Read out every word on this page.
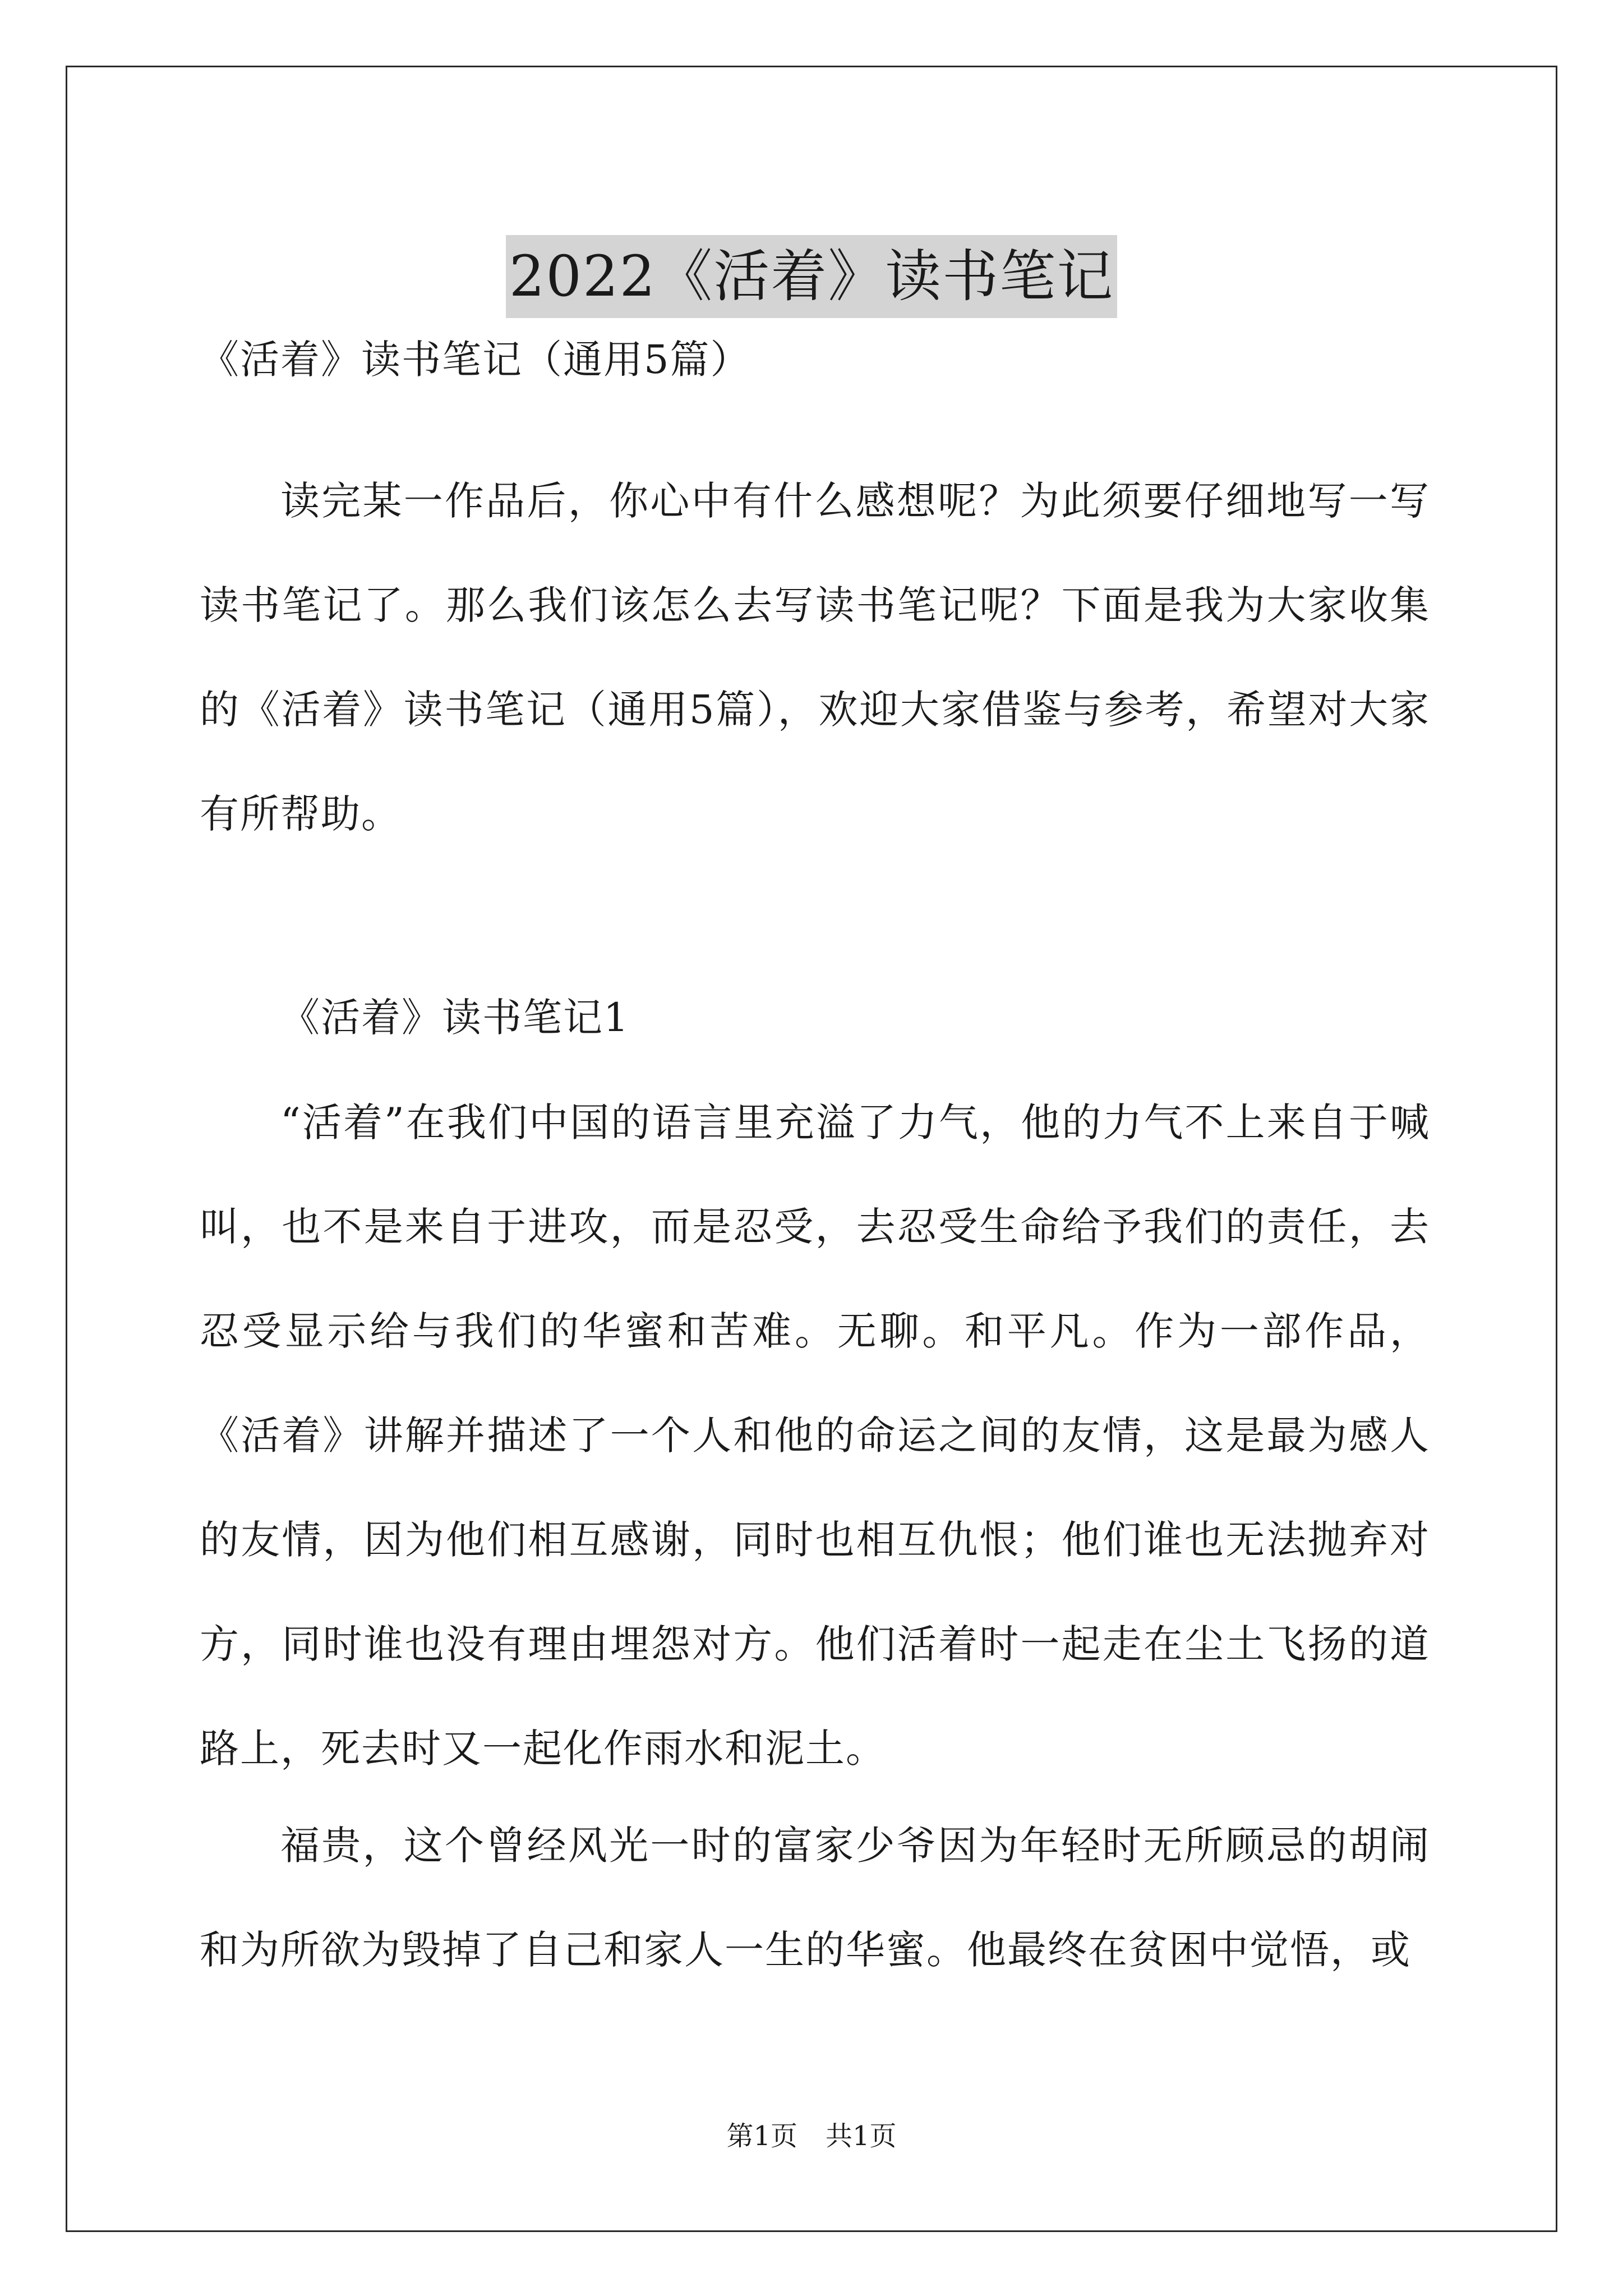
2022《活着》读书笔记

《活着》读书笔记（通用5篇）

读完某一作品后，你心中有什么感想呢？为此须要仔细地写一写读书笔记了。那么我们该怎么去写读书笔记呢？下面是我为大家收集的《活着》读书笔记（通用5篇），欢迎大家借鉴与参考，希望对大家有所帮助。

《活着》读书笔记1

“活着”在我们中国的语言里充溢了力气，他的力气不上来自于喊叫，也不是来自于进攻，而是忍受，去忍受生命给予我们的责任，去忍受显示给与我们的华蜜和苦难。无聊。和平凡。作为一部作品，《活着》讲解并描述了一个人和他的命运之间的友情，这是最为感人的友情，因为他们相互感谢，同时也相互仇恨；他们谁也无法抛弃对方，同时谁也没有理由埋怨对方。他们活着时一起走在尘土飞扬的道路上，死去时又一起化作雨水和泥土。

福贵，这个曾经风光一时的富家少爷因为年轻时无所顾忌的胡闹和为所欲为毁掉了自己和家人一生的华蜜。他最终在贫困中觉悟，或

第1页 共1页
